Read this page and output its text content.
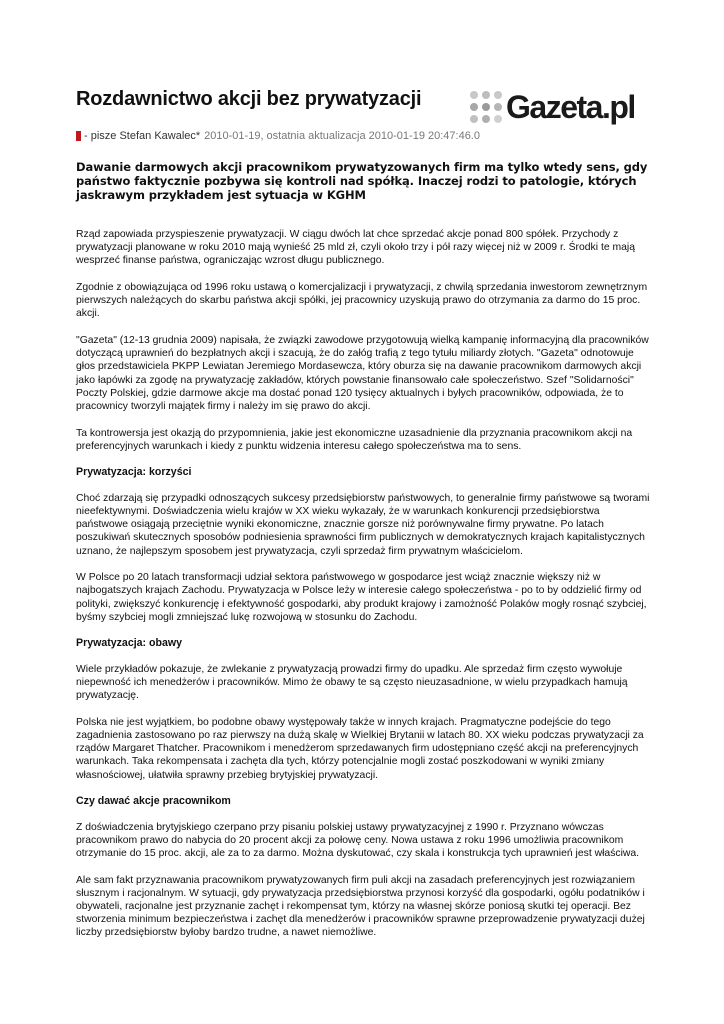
Rozdawnictwo akcji bez prywatyzacji	Gazeta.pl
- pisze Stefan Kawalec* 2010-01-19, ostatnia aktualizacja 2010-01-19 20:47:46.0
Dawanie darmowych akcji pracownikom prywatyzowanych firm ma tylko wtedy sens, gdy państwo faktycznie pozbywa się kontroli nad spółką. Inaczej rodzi to patologie, których jaskrawym przykładem jest sytuacja w KGHM

Rząd zapowiada przyspieszenie prywatyzacji. W ciągu dwóch lat chce sprzedać akcje ponad 800 spółek. Przychody z prywatyzacji planowane w roku 2010 mają wynieść 25 mld zł, czyli około trzy i pół razy więcej niż w 2009 r. Środki te mają wesprzeć finanse państwa, ograniczając wzrost długu publicznego.

Zgodnie z obowiązująca od 1996 roku ustawą o komercjalizacji i prywatyzacji, z chwilą sprzedania inwestorom zewnętrznym pierwszych należących do skarbu państwa akcji spółki, jej pracownicy uzyskują prawo do otrzymania za darmo do 15 proc. akcji.

"Gazeta" (12-13 grudnia 2009) napisała, że związki zawodowe przygotowują wielką kampanię informacyjną dla pracowników dotyczącą uprawnień do bezpłatnych akcji i szacują, że do załóg trafią z tego tytułu miliardy złotych. "Gazeta" odnotowuje głos przedstawiciela PKPP Lewiatan Jeremiego Mordasewcza, który oburza się na dawanie pracownikom darmowych akcji jako łapówki za zgodę na prywatyzację zakładów, których powstanie finansowało całe społeczeństwo. Szef "Solidarności" Poczty Polskiej, gdzie darmowe akcje ma dostać ponad 120 tysięcy aktualnych i byłych pracowników, odpowiada, że to pracownicy tworzyli majątek firmy i należy im się prawo do akcji.

Ta kontrowersja jest okazją do przypomnienia, jakie jest ekonomiczne uzasadnienie dla przyznania pracownikom akcji na preferencyjnych warunkach i kiedy z punktu widzenia interesu całego społeczeństwa ma to sens.

Prywatyzacja: korzyści

Choć zdarzają się przypadki odnoszących sukcesy przedsiębiorstw państwowych, to generalnie firmy państwowe są tworami nieefektywnymi. Doświadczenia wielu krajów w XX wieku wykazały, że w warunkach konkurencji przedsiębiorstwa państwowe osiągają przeciętnie wyniki ekonomiczne, znacznie gorsze niż porównywalne firmy prywatne. Po latach poszukiwań skutecznych sposobów podniesienia sprawności firm publicznych w demokratycznych krajach kapitalistycznych uznano, że najlepszym sposobem jest prywatyzacja, czyli sprzedaż firm prywatnym właścicielom.

W Polsce po 20 latach transformacji udział sektora państwowego w gospodarce jest wciąż znacznie większy niż w najbogatszych krajach Zachodu. Prywatyzacja w Polsce leży w interesie całego społeczeństwa - po to by oddzielić firmy od polityki, zwiększyć konkurencję i efektywność gospodarki, aby produkt krajowy i zamożność Polaków mogły rosnąć szybciej, byśmy szybciej mogli zmniejszać lukę rozwojową w stosunku do Zachodu.

Prywatyzacja: obawy

Wiele przykładów pokazuje, że zwlekanie z prywatyzacją prowadzi firmy do upadku. Ale sprzedaż firm często wywołuje niepewność ich menedżerów i pracowników. Mimo że obawy te są często nieuzasadnione, w wielu przypadkach hamują prywatyzację.

Polska nie jest wyjątkiem, bo podobne obawy występowały także w innych krajach. Pragmatyczne podejście do tego zagadnienia zastosowano po raz pierwszy na dużą skalę w Wielkiej Brytanii w latach 80. XX wieku podczas prywatyzacji za rządów Margaret Thatcher. Pracownikom i menedżerom sprzedawanych firm udostępniano część akcji na preferencyjnych warunkach. Taka rekompensata i zachęta dla tych, którzy potencjalnie mogli zostać poszkodowani w wyniki zmiany własnościowej, ułatwiła sprawny przebieg brytyjskiej prywatyzacji.

Czy dawać akcje pracownikom

Z doświadczenia brytyjskiego czerpano przy pisaniu polskiej ustawy prywatyzacyjnej z 1990 r. Przyznano wówczas pracownikom prawo do nabycia do 20 procent akcji za połowę ceny. Nowa ustawa z roku 1996 umożliwia pracownikom otrzymanie do 15 proc. akcji, ale za to za darmo. Można dyskutować, czy skala i konstrukcja tych uprawnień jest właściwa.

Ale sam fakt przyznawania pracownikom prywatyzowanych firm puli akcji na zasadach preferencyjnych jest rozwiązaniem słusznym i racjonalnym. W sytuacji, gdy prywatyzacja przedsiębiorstwa przynosi korzyść dla gospodarki, ogółu podatników i obywateli, racjonalne jest przyznanie zachęt i rekompensat tym, którzy na własnej skórze poniosą skutki tej operacji. Bez stworzenia minimum bezpieczeństwa i zachęt dla menedżerów i pracowników sprawne przeprowadzenie prywatyzacji dużej liczby przedsiębiorstw byłoby bardzo trudne, a nawet niemożliwe.
